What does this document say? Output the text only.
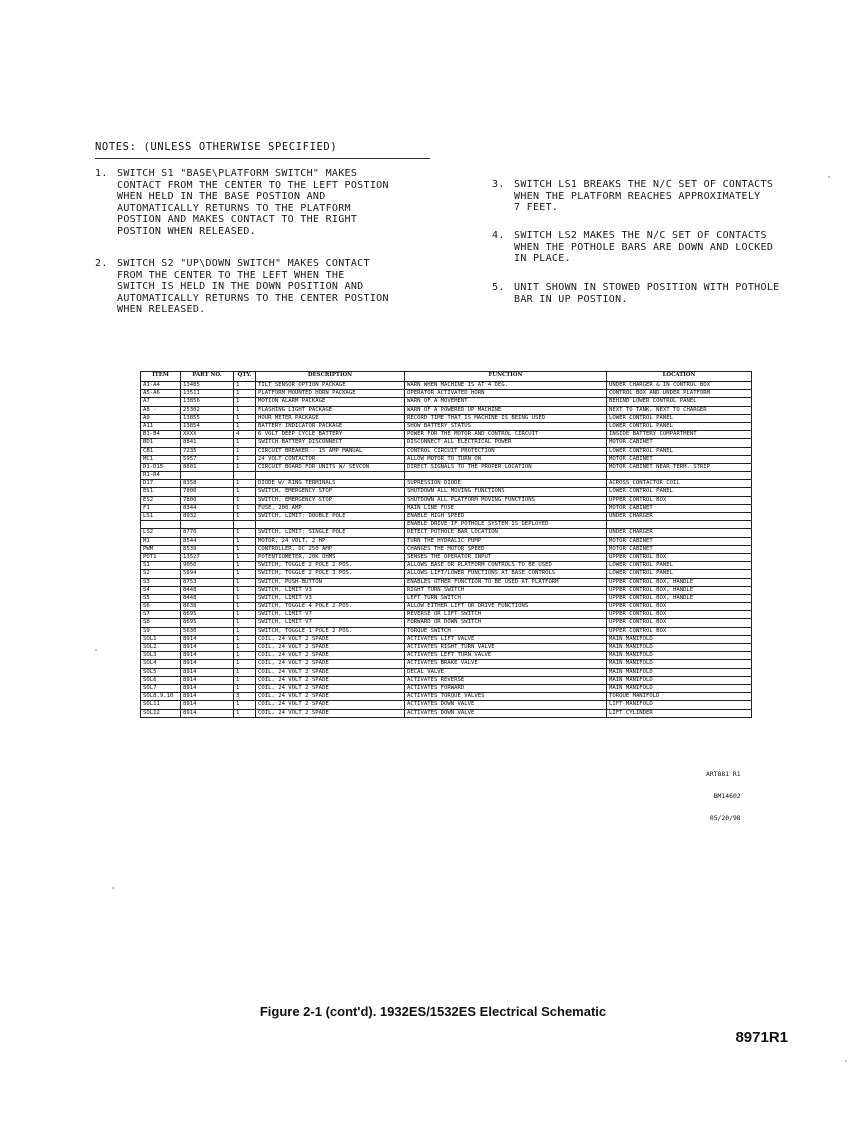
NOTES: (UNLESS OTHERWISE SPECIFIED)

1.

SWITCH S1 "BASE\PLATFORM SWITCH" MAKES
CONTACT FROM THE CENTER TO THE LEFT POSTION
WHEN HELD IN THE BASE POSTION AND
AUTOMATICALLY RETURNS TO THE PLATFORM
POSTION AND MAKES CONTACT TO THE RIGHT
POSTION WHEN RELEASED.

2.

SWITCH S2 "UP\DOWN SWITCH" MAKES CONTACT
FROM THE CENTER TO THE LEFT WHEN THE
SWITCH IS HELD IN THE DOWN POSITION AND
AUTOMATICALLY RETURNS TO THE CENTER POSTION
WHEN RELEASED.

3.

SWITCH LS1 BREAKS THE N/C SET OF CONTACTS
WHEN THE PLATFORM REACHES APPROXIMATELY
7 FEET.

4.

SWITCH LS2 MAKES THE N/C SET OF CONTACTS
WHEN THE POTHOLE BARS ARE DOWN AND LOCKED
IN PLACE.

5.

UNIT SHOWN IN STOWED POSITION WITH POTHOLE
BAR IN UP POSTION.

ITEM	PART NO.	QTY.	DESCRIPTION	FUNCTION	LOCATION
A1-A4	13485	1	TILT SENSOR OPTION PACKAGE	WARN WHEN MACHINE IS AT 4 DEG.	UNDER CHARGER & IN CONTROL BOX
A5-A6	13511	1	PLATFORM MOUNTED HORN PACKAGE	OPERATOR ACTIVATED HORN	CONTROL BOX AND UNDER PLATFORM
A7	13856	1	MOTION ALARM PACKAGE	WARN OF A MOVEMENT	BEHIND LOWER CONTROL PANEL
A8 -	25302	1	FLASHING LIGHT PACKAGE	WARN OF A POWERED UP MACHINE	NEXT TO TANK, NEXT TO CHARGER
A9	13855	1	HOUR METER PACKAGE	RECORD TIME THAT IS MACHINE IS BEING USED	LOWER CONTROL PANEL
A11	13854	1	BATTERY INDICATOR PACKAGE	SHOW BATTERY STATUS	LOWER CONTROL PANEL
B1-B4	XXXX	4	6 VOLT DEEP CYCLE BATTERY	POWER FOR THE MOTOR AND CONTROL CIRCUIT	INSIDE BATTERY COMPARTMENT
BD1	8841	1	SWITCH BATTERY DISCONNECT	DISCONNECT ALL ELECTRICAL POWER	MOTOR CABINET
CB1	7235	1	CIRCUIT BREAKER - 15 AMP MANUAL	CONTROL CIRCUIT PROTECTION	LOWER CONTROL PANEL
MC1	5957	1	24 VOLT CONTACTOR	ALLOW MOTOR TO TURN ON	MOTOR CABINET
D1-D15	8601	1	CIRCUIT BOARD FOR UNITS W/ SEVCON	DIRECT SIGNALS TO THE PROPER LOCATION	MOTOR CABINET NEAR TERM. STRIP
R1-R4					
D17	8358	1	DIODE W/ RING TERMINALS	SUPRESSION DIODE	ACROSS CONTACTOR COIL
ES1	7800	1	SWITCH, EMERGENCY STOP	SHUTDOWN ALL MOVING FUNCTIONS	LOWER CONTROL PANEL
ES2	7800	1	SWITCH, EMERGENCY STOP	SHUTDOWN ALL PLATFORM MOVING FUNCTIONS	UPPER CONTROL BOX
F1	8344	1	FUSE, 200 AMP	MAIN LINE FUSE	MOTOR CABINET
LS1	8932	1	SWITCH, LIMIT: DOUBLE POLE	ENABLE HIGH SPEED	UNDER CHARGER
				ENABLE DRIVE IF POTHOLE SYSTEM IS DEPLOYED	
LS2	8776	1	SWITCH, LIMIT: SINGLE POLE	DETECT POTHOLE BAR LOCATION	UNDER CHARGER
M1	8544	1	MOTOR, 24 VOLT, 2 HP	TURN THE HYDRALIC PUMP	MOTOR CABINET
PWM	8539	1	CONTROLLER, DC 250 AMP	CHANGES THE MOTOR SPEED	MOTOR CABINET
POT1	13527	1	POTENTIOMETER, 20K OHMS	SENSES THE OPERATOR INPUT	UPPER CONTROL BOX
S1	9050	1	SWITCH, TOGGLE 2 POLE 2 POS.	ALLOWS BASE OR PLATFORM CONTROLS TO BE USED	LOWER CONTROL PANEL
S2	5694	1	SWITCH, TOGGLE 2 POLE 3 POS.	ALLOWS LIFT/LOWER FUNCTIONS AT BASE CONTROLS	LOWER CONTROL PANEL
S3	8753	1	SWITCH, PUSH-BUTTON	ENABLES OTHER FUNCTION TO BE USED AT PLATFORM	UPPER CONTROL BOX, HANDLE
S4	8448	1	SWITCH, LIMIT V3	RIGHT TURN SWITCH	UPPER CONTROL BOX, HANDLE
S5	8448	1	SWITCH, LIMIT V3	LEFT TURN SWITCH	UPPER CONTROL BOX, HANDLE
S6	8638	1	SWITCH, TOGGLE 4 POLE 2 POS.	ALLOW EITHER LIFT OR DRIVE FUNCTIONS	UPPER CONTROL BOX
S7	8695	1	SWITCH, LIMIT V7	REVERSE OR LIFT SWITCH	UPPER CONTROL BOX
S8	8695	1	SWITCH, LIMIT V7	FORWARD OR DOWN SWITCH	UPPER CONTROL BOX
S9	5630	1	SWITCH, TOGGLE 1 POLE 2 POS.	TORQUE SWITCH	UPPER CONTROL BOX
SOL1	8914	1	COIL, 24 VOLT 2 SPADE	ACTIVATES LIFT VALVE	MAIN MANIFOLD
SOL2	8914	1	COIL, 24 VOLT 2 SPADE	ACTIVATES RIGHT TURN VALVE	MAIN MANIFOLD
SOL3	8914	1	COIL, 24 VOLT 2 SPADE	ACTIVATES LEFT TURN VALVE	MAIN MANIFOLD
SOL4	8914	1	COIL, 24 VOLT 2 SPADE	ACTIVATES BRAKE VALVE	MAIN MANIFOLD
SOL5	8914	1	COIL, 24 VOLT 2 SPADE	DECAL VALVE	MAIN MANIFOLD
SOL6	8914	1	COIL, 24 VOLT 2 SPADE	ACTIVATES REVERSE	MAIN MANIFOLD
SOL7	8914	1	COIL, 24 VOLT 2 SPADE	ACTIVATES FORWARD	MAIN MANIFOLD
SOL8,9,10	8914	3	COIL, 24 VOLT 2 SPADE	ACTIVATES TORQUE VALVES	TORQUE MANIFOLD
SOL11	8914	1	COIL, 24 VOLT 2 SPADE	ACTIVATES DOWN VALVE	LIFT MANIFOLD
SOL12	8914	1	COIL, 24 VOLT 2 SPADE	ACTIVATES DOWN VALVE	LIFT CYLINDER

ART881 R1

BM14602

05/20/98

Figure 2-1 (cont'd). 1932ES/1532ES Electrical Schematic
8971R1
